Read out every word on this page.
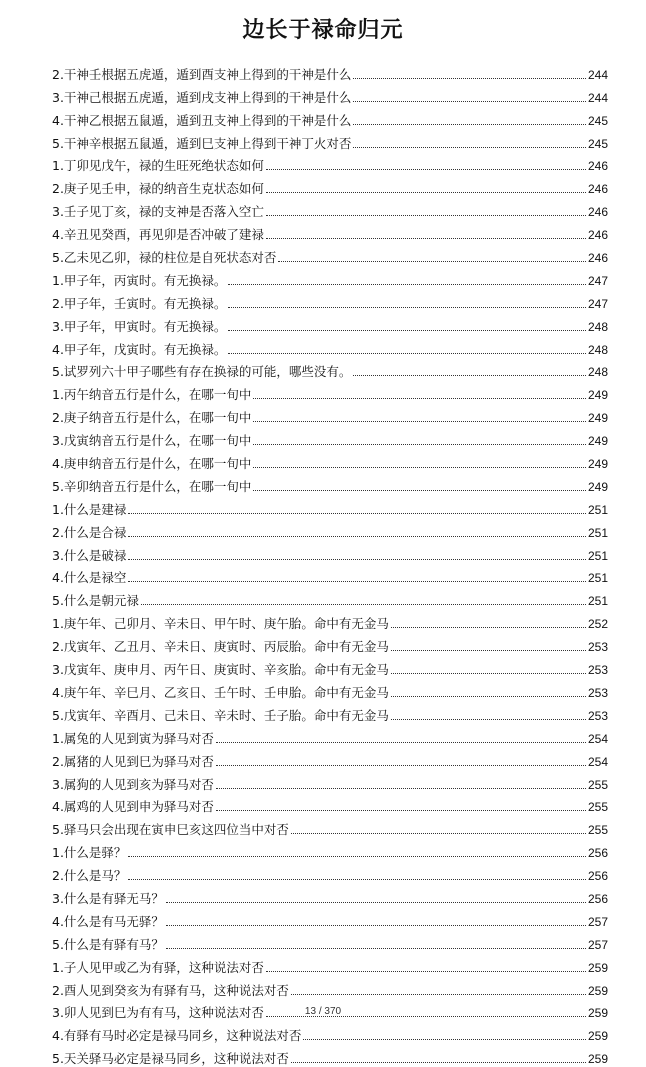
边长于禄命归元
2.干神壬根据五虎遁，遁到酉支神上得到的干神是什么	244
3.干神己根据五虎遁，遁到戌支神上得到的干神是什么	244
4.干神乙根据五鼠遁，遁到丑支神上得到的干神是什么	245
5.干神辛根据五鼠遁，遁到巳支神上得到干神丁火对否	245
1.丁卯见戊午，禄的生旺死绝状态如何	246
2.庚子见壬申，禄的纳音生克状态如何	246
3.壬子见丁亥，禄的支神是否落入空亡	246
4.辛丑见癸酉，再见卯是否冲破了建禄	246
5.乙未见乙卯，禄的柱位是自死状态对否	246
1.甲子年，丙寅时。有无换禄。	247
2.甲子年，壬寅时。有无换禄。	247
3.甲子年，甲寅时。有无换禄。	248
4.甲子年，戊寅时。有无换禄。	248
5.试罗列六十甲子哪些有存在换禄的可能，哪些没有。	248
1.丙午纳音五行是什么，在哪一旬中	249
2.庚子纳音五行是什么，在哪一旬中	249
3.戊寅纳音五行是什么，在哪一旬中	249
4.庚申纳音五行是什么，在哪一旬中	249
5.辛卯纳音五行是什么，在哪一旬中	249
1.什么是建禄	251
2.什么是合禄	251
3.什么是破禄	251
4.什么是禄空	251
5.什么是朝元禄	251
1.庚午年、己卯月、辛未日、甲午时、庚午胎。命中有无金马	252
2.戊寅年、乙丑月、辛未日、庚寅时、丙辰胎。命中有无金马	253
3.戊寅年、庚申月、丙午日、庚寅时、辛亥胎。命中有无金马	253
4.庚午年、辛巳月、乙亥日、壬午时、壬申胎。命中有无金马	253
5.戊寅年、辛酉月、己未日、辛未时、壬子胎。命中有无金马	253
1.属兔的人见到寅为驿马对否	254
2.属猪的人见到巳为驿马对否	254
3.属狗的人见到亥为驿马对否	255
4.属鸡的人见到申为驿马对否	255
5.驿马只会出现在寅申巳亥这四位当中对否	255
1.什么是驿？	256
2.什么是马？	256
3.什么是有驿无马？	256
4.什么是有马无驿？	257
5.什么是有驿有马？	257
1.子人见甲或乙为有驿，这种说法对否	259
2.酉人见到癸亥为有驿有马，这种说法对否	259
3.卯人见到巳为有有马，这种说法对否	259
4.有驿有马时必定是禄马同乡，这种说法对否	259
5.天关驿马必定是禄马同乡，这种说法对否	259
13 / 370
